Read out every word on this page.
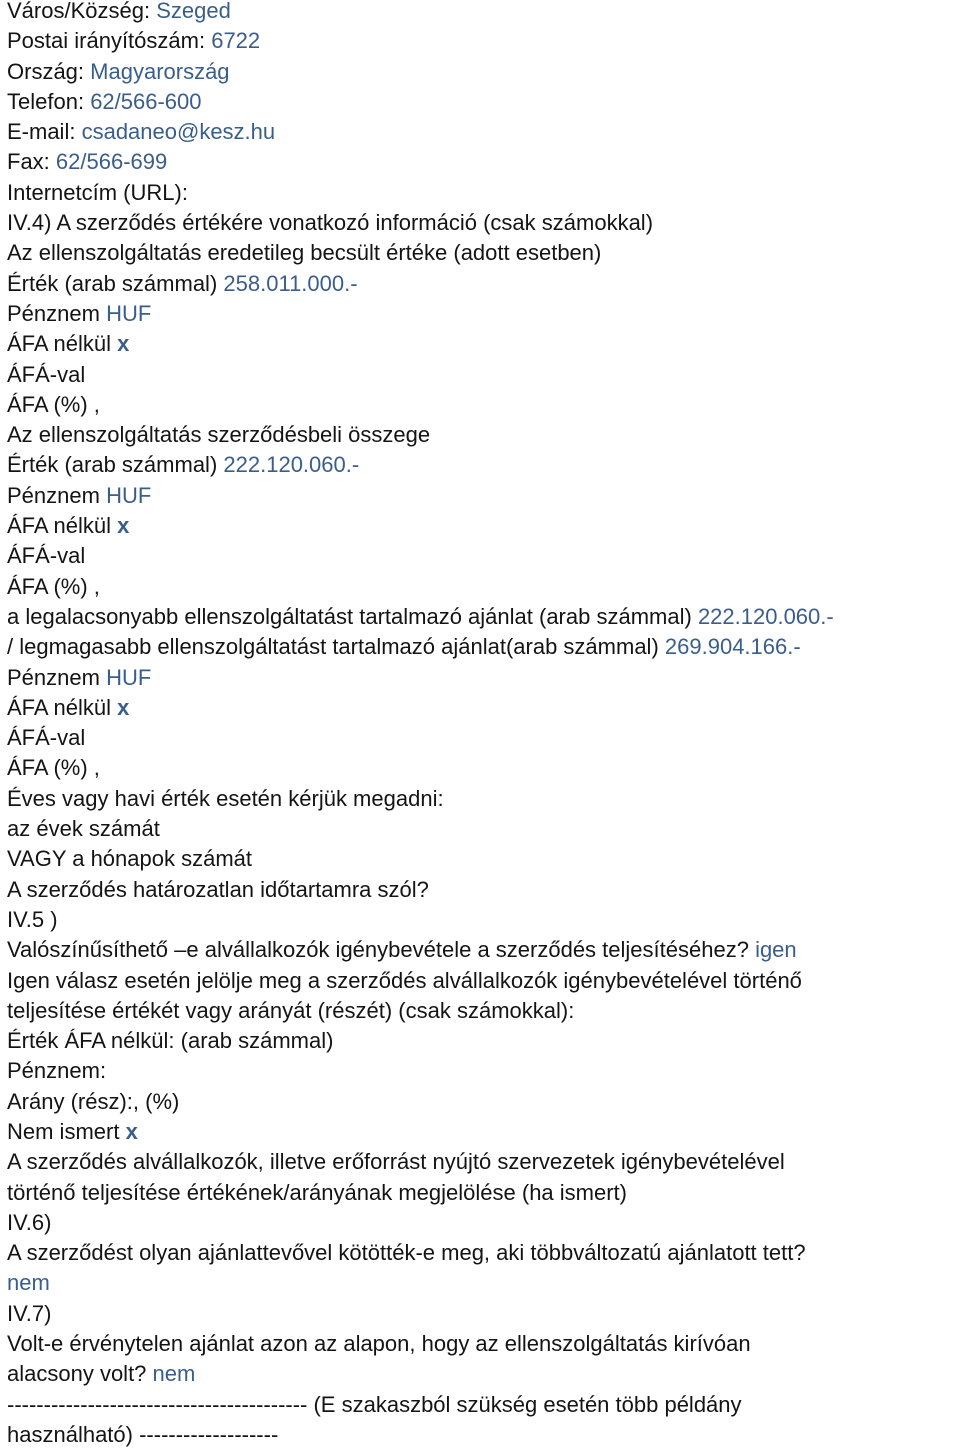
Város/Község: Szeged
Postai irányítószám: 6722
Ország: Magyarország
Telefon: 62/566-600
E-mail: csadaneo@kesz.hu
Fax: 62/566-699
Internetcím (URL):
IV.4) A szerződés értékére vonatkozó információ (csak számokkal)
Az ellenszolgáltatás eredetileg becsült értéke (adott esetben)
Érték (arab számmal) 258.011.000.-
Pénznem HUF
ÁFA nélkül x
ÁFÁ-val
ÁFA (%) ,
Az ellenszolgáltatás szerződésbeli összege
Érték (arab számmal) 222.120.060.-
Pénznem HUF
ÁFA nélkül x
ÁFÁ-val
ÁFA (%) ,
a legalacsonyabb ellenszolgáltatást tartalmazó ajánlat (arab számmal) 222.120.060.-
/ legmagasabb ellenszolgáltatást tartalmazó ajánlat(arab számmal) 269.904.166.-
Pénznem HUF
ÁFA nélkül x
ÁFÁ-val
ÁFA (%) ,
Éves vagy havi érték esetén kérjük megadni:
az évek számát
VAGY a hónapok számát
A szerződés határozatlan időtartamra szól?
IV.5 )
Valószínűsíthető –e alvállalkozók igénybevétele a szerződés teljesítéséhez? igen
Igen válasz esetén jelölje meg a szerződés alvállalkozók igénybevételével történő
teljesítése értékét vagy arányát (részét) (csak számokkal):
Érték ÁFA nélkül: (arab számmal)
Pénznem:
Arány (rész):, (%)
Nem ismert x
A szerződés alvállalkozók, illetve erőforrást nyújtó szervezetek igénybevételével
történő teljesítése értékének/arányának megjelölése (ha ismert)
IV.6)
A szerződést olyan ajánlattevővel kötötték-e meg, aki többváltozatú ajánlatott tett?
nem
IV.7)
Volt-e érvénytelen ajánlat azon az alapon, hogy az ellenszolgáltatás kirívóan
alacsony volt? nem
----------------------------------------- (E szakaszból szükség esetén több példány
használható) -------------------
